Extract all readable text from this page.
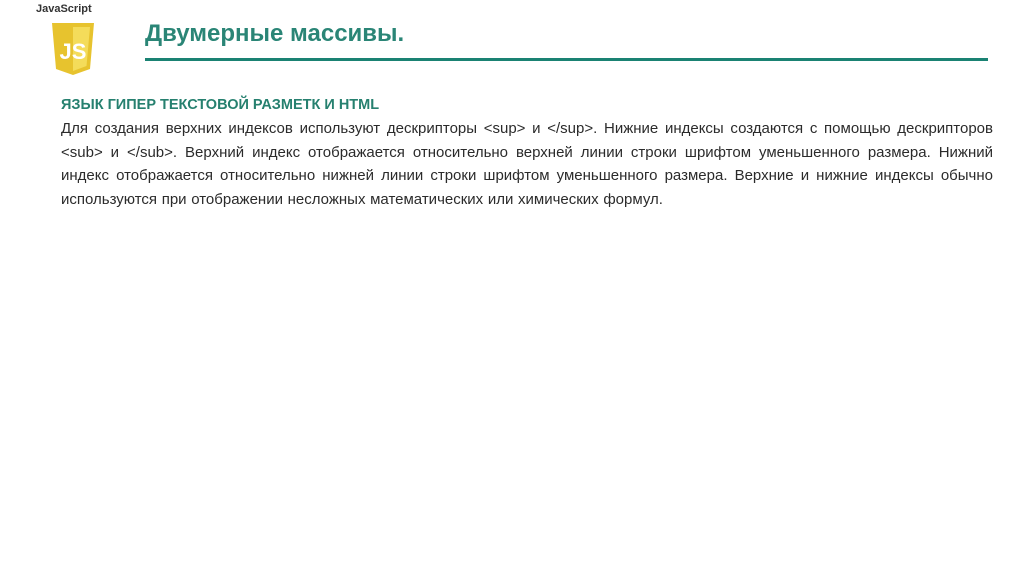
JavaScript
JS
Двумерные массивы.

ЯЗЫК ГИПЕР ТЕКСТОВОЙ РАЗМЕТК И HTML

Для создания верхних индексов используют дескрипторы <sup> и </sup>. Нижние индексы создаются с помощью дескрипторов <sub> и </sub>. Верхний индекс отображается относительно верхней линии строки шрифтом уменьшенного размера. Нижний индекс отображается относительно нижней линии строки шрифтом уменьшенного размера. Верхние и нижние индексы обычно используются при отображении несложных математических или химических формул.
